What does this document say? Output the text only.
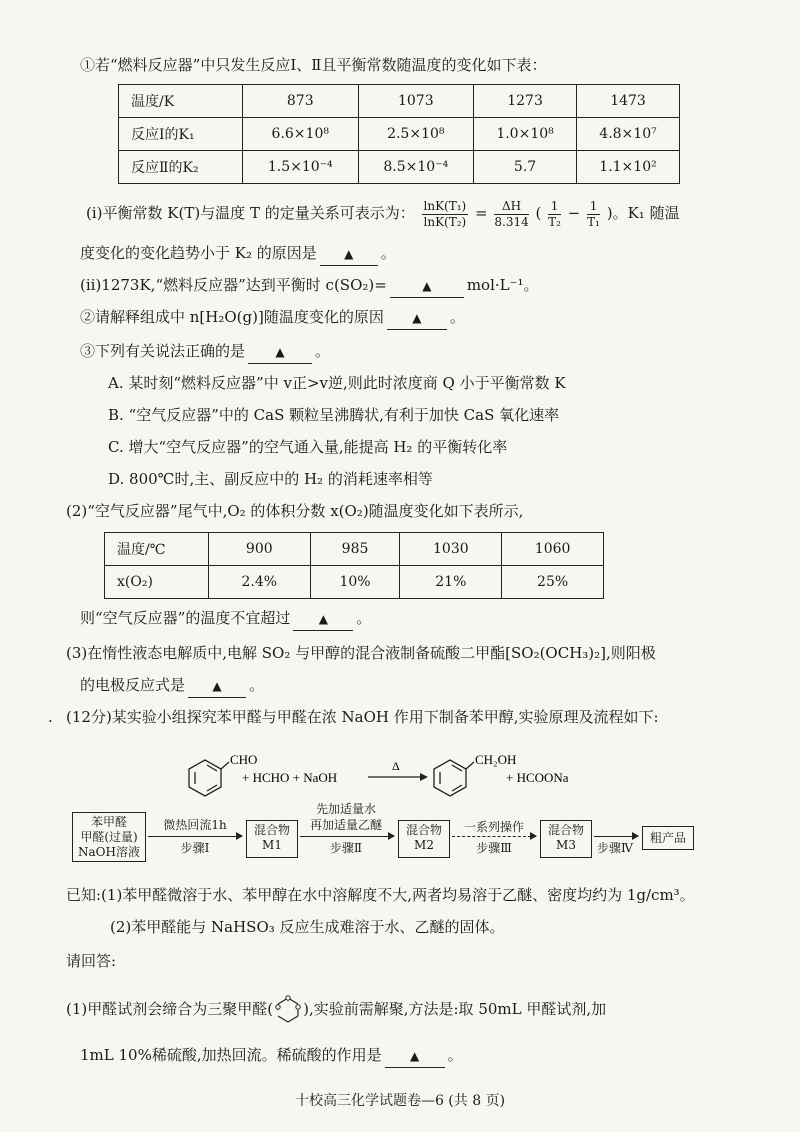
①若“燃料反应器”中只发生反应Ⅰ、Ⅱ且平衡常数随温度的变化如下表：
温度/K	873	1073	1273	1473
反应Ⅰ的K₁	6.6×10⁸	2.5×10⁸	1.0×10⁸	4.8×10⁷
反应Ⅱ的K₂	1.5×10⁻⁴	8.5×10⁻⁴	5.7	1.1×10²
(i)平衡常数 K(T)与温度 T 的定量关系可表示为： $\frac{\text{lnK(T₁)}}{\text{lnK(T₂)}} = \frac{\Delta H}{8.314}$ ( $\frac{1}{\text{T₂}} - \frac{1}{\text{T₁}}$ )。K₁ 随温
度变化的变化趋势小于 K₂ 的原因是 ▲ 。
(ii)1273K,“燃料反应器”达到平衡时 c(SO₂)=	▲ mol·L⁻¹。
②请解释组成中 n[H₂O(g)]随温度变化的原因 ▲ 。
③下列有关说法正确的是	▲ 。
A. 某时刻“燃料反应器”中 v正>v逆,则此时浓度商 Q 小于平衡常数 K
B. “空气反应器”中的 CaS 颗粒呈沸腾状,有利于加快 CaS 氧化速率
C. 增大“空气反应器”的空气通入量,能提高 H₂ 的平衡转化率
D. 800℃时,主、副反应中的 H₂ 的消耗速率相等
(2)“空气反应器”尾气中,O₂ 的体积分数 x(O₂)随温度变化如下表所示,
温度/℃	900	985	1030	1060
x(O₂)	2.4%	10%	21%	25%
则“空气反应器”的温度不宜超过 ▲ 。
(3)在惰性液态电解质中,电解 SO₂ 与甲醇的混合液制备硫酸二甲酯[SO₂(OCH₃)₂],则阳极
的电极反应式是 ▲ 。
. (12分)某实验小组探究苯甲醛与甲醛在浓 NaOH 作用下制备苯甲醇,实验原理及流程如下:
CHO
+ HCHO + NaOH
Δ	CH₂OH
+ HCOONa
苯甲醛
甲醛(过量)
NaOH溶液
微热回流1h
步骤Ⅰ
混合物
M1
先加适量水
再加适量乙醚
步骤Ⅱ
混合物
M2
一系列操作
步骤Ⅲ
混合物
M3	步骤Ⅳ
粗产品
已知:(1)苯甲醛微溶于水、苯甲醇在水中溶解度不大,两者均易溶于乙醚、密度均约为 1g/cm³。
(2)苯甲醛能与 NaHSO₃ 反应生成难溶于水、乙醚的固体。
请回答:
(1)甲醛试剂会缔合为三聚甲醛( ),实验前需解聚,方法是:取 50mL 甲醛试剂,加
1mL 10%稀硫酸,加热回流。稀硫酸的作用是 ▲ 。
十校高三化学试题卷—6 (共 8 页)
